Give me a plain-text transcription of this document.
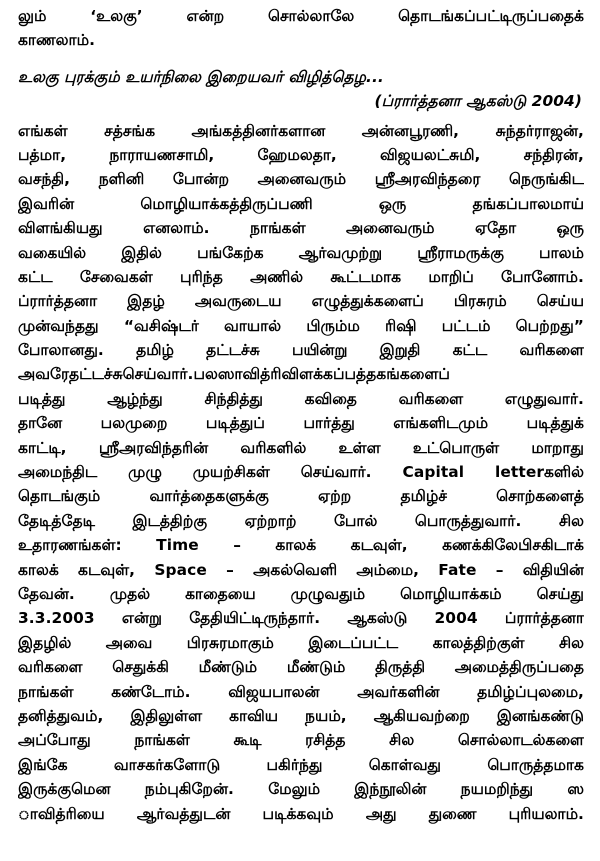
லும் ‘உலகு’ என்ற சொல்லாலே தொடங்கப்பட்டிருப்பதைக்
காணலாம்.
உலகு புரக்கும் உயர்நிலை இறையவர் விழித்தெழ...
(ப்ரார்த்தனா ஆகஸ்டு 2004)
எங்கள் சத்சங்க அங்கத்தினர்களான அன்னபூரணி, சுந்தர்ராஜன்,
பத்மா, நாராயணசாமி, ஹேமலதா, விஜயலட்சுமி, சந்திரன்,
வசந்தி, நளினி போன்ற அனைவரும் ஸ்ரீஅரவிந்தரை நெருங்கிட
இவரின் மொழியாக்கத்திருப்பணி ஒரு தங்கப்பாலமாய்
விளங்கியது எனலாம். நாங்கள் அனைவரும் ஏதோ ஒரு
வகையில் இதில் பங்கேற்க ஆர்வமுற்று ஸ்ரீராமருக்கு பாலம்
கட்ட சேவைகள் புரிந்த அணில் கூட்டமாக மாறிப் போனோம்.
ப்ரார்த்தனா இதழ் அவருடைய எழுத்துக்களைப் பிரசுரம் செய்ய
முன்வந்தது “வசிஷ்டர் வாயால் பிரும்ம ரிஷி பட்டம் பெற்றது”
போலானது. தமிழ் தட்டச்சு பயின்று இறுதி கட்ட வரிகளை
அவரேதட்டச்சுசெய்வார்.பலஸாவித்ரிவிளக்கப்பத்தகங்களைப்
படித்து ஆழ்ந்து சிந்தித்து கவிதை வரிகளை எழுதுவார்.
தானே பலமுறை படித்துப் பார்த்து எங்களிடமும் படித்துக்
காட்டி, ஸ்ரீஅரவிந்தரின் வரிகளில் உள்ள உட்பொருள் மாறாது
அமைந்திட முழு முயற்சிகள் செய்வார். Capital letterகளில்
தொடங்கும் வார்த்தைகளுக்கு ஏற்ற தமிழ்ச் சொற்களைத்
தேடித்தேடி இடத்திற்கு ஏற்றாற் போல் பொருத்துவார். சில
உதாரணங்கள்: Time – காலக் கடவுள், கணக்கிலேபிசகிடாக்
காலக் கடவுள், Space – அகல்வெளி அம்மை, Fate – விதியின்
தேவன். முதல் காதையை முழுவதும் மொழியாக்கம் செய்து
3.3.2003 என்று தேதியிட்டிருந்தார். ஆகஸ்டு 2004 ப்ரார்த்தனா
இதழில் அவை பிரசுரமாகும் இடைப்பட்ட காலத்திற்குள் சில
வரிகளை செதுக்கி மீண்டும் மீண்டும் திருத்தி அமைத்திருப்பதை
நாங்கள் கண்டோம். விஜயபாலன் அவர்களின் தமிழ்ப்புலமை,
தனித்துவம், இதிலுள்ள காவிய நயம், ஆகியவற்றை இனங்கண்டு
அப்போது நாங்கள் கூடி ரசித்த சில சொல்லாடல்களை
இங்கே வாசகர்களோடு பகிர்ந்து கொள்வது பொருத்தமாக
இருக்குமென நம்புகிறேன். மேலும் இந்நூலின் நயமறிந்து ஸ
ாவித்ரியை ஆர்வத்துடன் படிக்கவும் அது துணை புரியலாம்.
